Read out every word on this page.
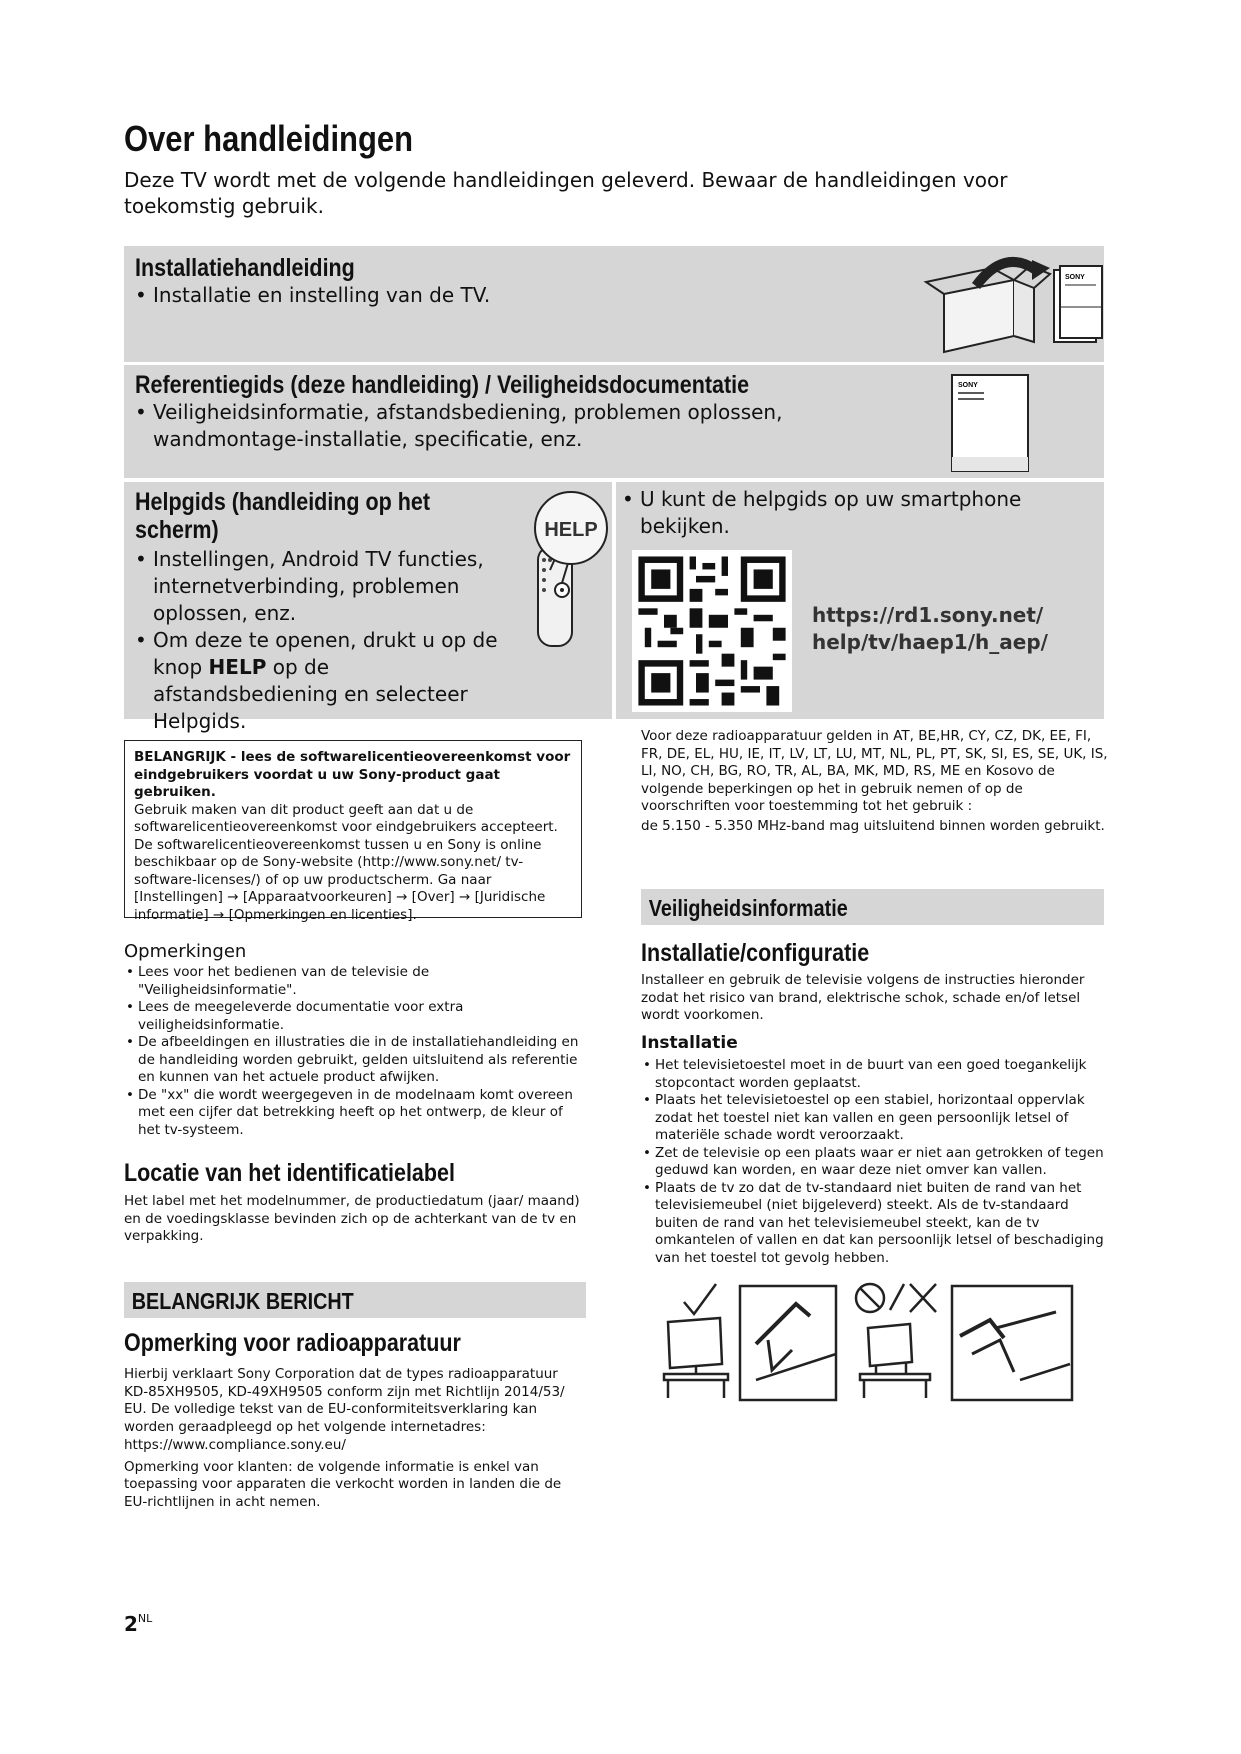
Over handleidingen
Deze TV wordt met de volgende handleidingen geleverd. Bewaar de handleidingen voor toekomstig gebruik.
Installatiehandleiding
• Installatie en instelling van de TV.
SONY
Referentiegids (deze handleiding) / Veiligheidsdocumentatie
• Veiligheidsinformatie, afstandsbediening, problemen oplossen, wandmontage-installatie, specificatie, enz.
SONY
Helpgids (handleiding op het scherm)
• Instellingen, Android TV functies, internetverbinding, problemen oplossen, enz.
• Om deze te openen, drukt u op de knop HELP op de afstandsbediening en selecteer Helpgids.
HELP
• U kunt de helpgids op uw smartphone bekijken.
https://rd1.sony.net/
help/tv/haep1/h_aep/
BELANGRIJK - lees de softwarelicentieovereenkomst voor eindgebruikers voordat u uw Sony-product gaat gebruiken.
Gebruik maken van dit product geeft aan dat u de softwarelicentieovereenkomst voor eindgebruikers accepteert. De softwarelicentieovereenkomst tussen u en Sony is online beschikbaar op de Sony-website (http://www.sony.net/ tv-software-licenses/) of op uw productscherm. Ga naar [Instellingen] → [Apparaatvoorkeuren] → [Over] → [Juridische informatie] → [Opmerkingen en licenties].
Opmerkingen
• Lees voor het bedienen van de televisie de "Veiligheidsinformatie".
• Lees de meegeleverde documentatie voor extra veiligheidsinformatie.
• De afbeeldingen en illustraties die in de installatiehandleiding en de handleiding worden gebruikt, gelden uitsluitend als referentie en kunnen van het actuele product afwijken.
• De "xx" die wordt weergegeven in de modelnaam komt overeen met een cijfer dat betrekking heeft op het ontwerp, de kleur of het tv-systeem.
Locatie van het identificatielabel
Het label met het modelnummer, de productiedatum (jaar/ maand) en de voedingsklasse bevinden zich op de achterkant van de tv en verpakking.
BELANGRIJK BERICHT
Opmerking voor radioapparatuur
Hierbij verklaart Sony Corporation dat de types radioapparatuur KD-85XH9505, KD-49XH9505 conform zijn met Richtlijn 2014/53/ EU. De volledige tekst van de EU-conformiteitsverklaring kan worden geraadpleegd op het volgende internetadres:
https://www.compliance.sony.eu/
Opmerking voor klanten: de volgende informatie is enkel van toepassing voor apparaten die verkocht worden in landen die de EU-richtlijnen in acht nemen.
Voor deze radioapparatuur gelden in AT, BE,HR, CY, CZ, DK, EE, FI, FR, DE, EL, HU, IE, IT, LV, LT, LU, MT, NL, PL, PT, SK, SI, ES, SE, UK, IS, LI, NO, CH, BG, RO, TR, AL, BA, MK, MD, RS, ME en Kosovo de volgende beperkingen op het in gebruik nemen of op de voorschriften voor toestemming tot het gebruik :
de 5.150 - 5.350 MHz-band mag uitsluitend binnen worden gebruikt.
Veiligheidsinformatie
Installatie/configuratie
Installeer en gebruik de televisie volgens de instructies hieronder zodat het risico van brand, elektrische schok, schade en/of letsel wordt voorkomen.
Installatie
• Het televisietoestel moet in de buurt van een goed toegankelijk stopcontact worden geplaatst.
• Plaats het televisietoestel op een stabiel, horizontaal oppervlak zodat het toestel niet kan vallen en geen persoonlijk letsel of materiële schade wordt veroorzaakt.
• Zet de televisie op een plaats waar er niet aan getrokken of tegen geduwd kan worden, en waar deze niet omver kan vallen.
• Plaats de tv zo dat de tv-standaard niet buiten de rand van het televisiemeubel (niet bijgeleverd) steekt. Als de tv-standaard buiten de rand van het televisiemeubel steekt, kan de tv omkantelen of vallen en dat kan persoonlijk letsel of beschadiging van het toestel tot gevolg hebben.
$2^{NL}$
